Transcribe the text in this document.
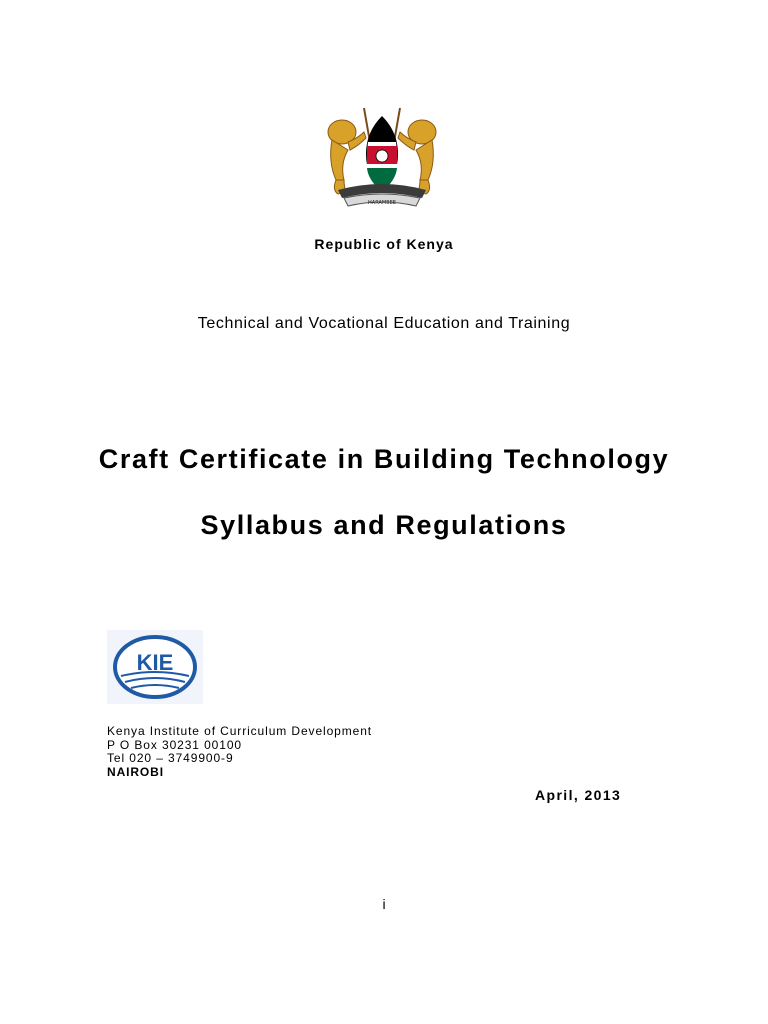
HARAMBEE
Republic of Kenya
Technical and Vocational Education and Training
Craft Certificate in Building Technology
Syllabus and Regulations
KIE
Kenya Institute of Curriculum Development
P O Box 30231 00100
Tel 020 – 3749900-9
NAIROBI
April, 2013
i
